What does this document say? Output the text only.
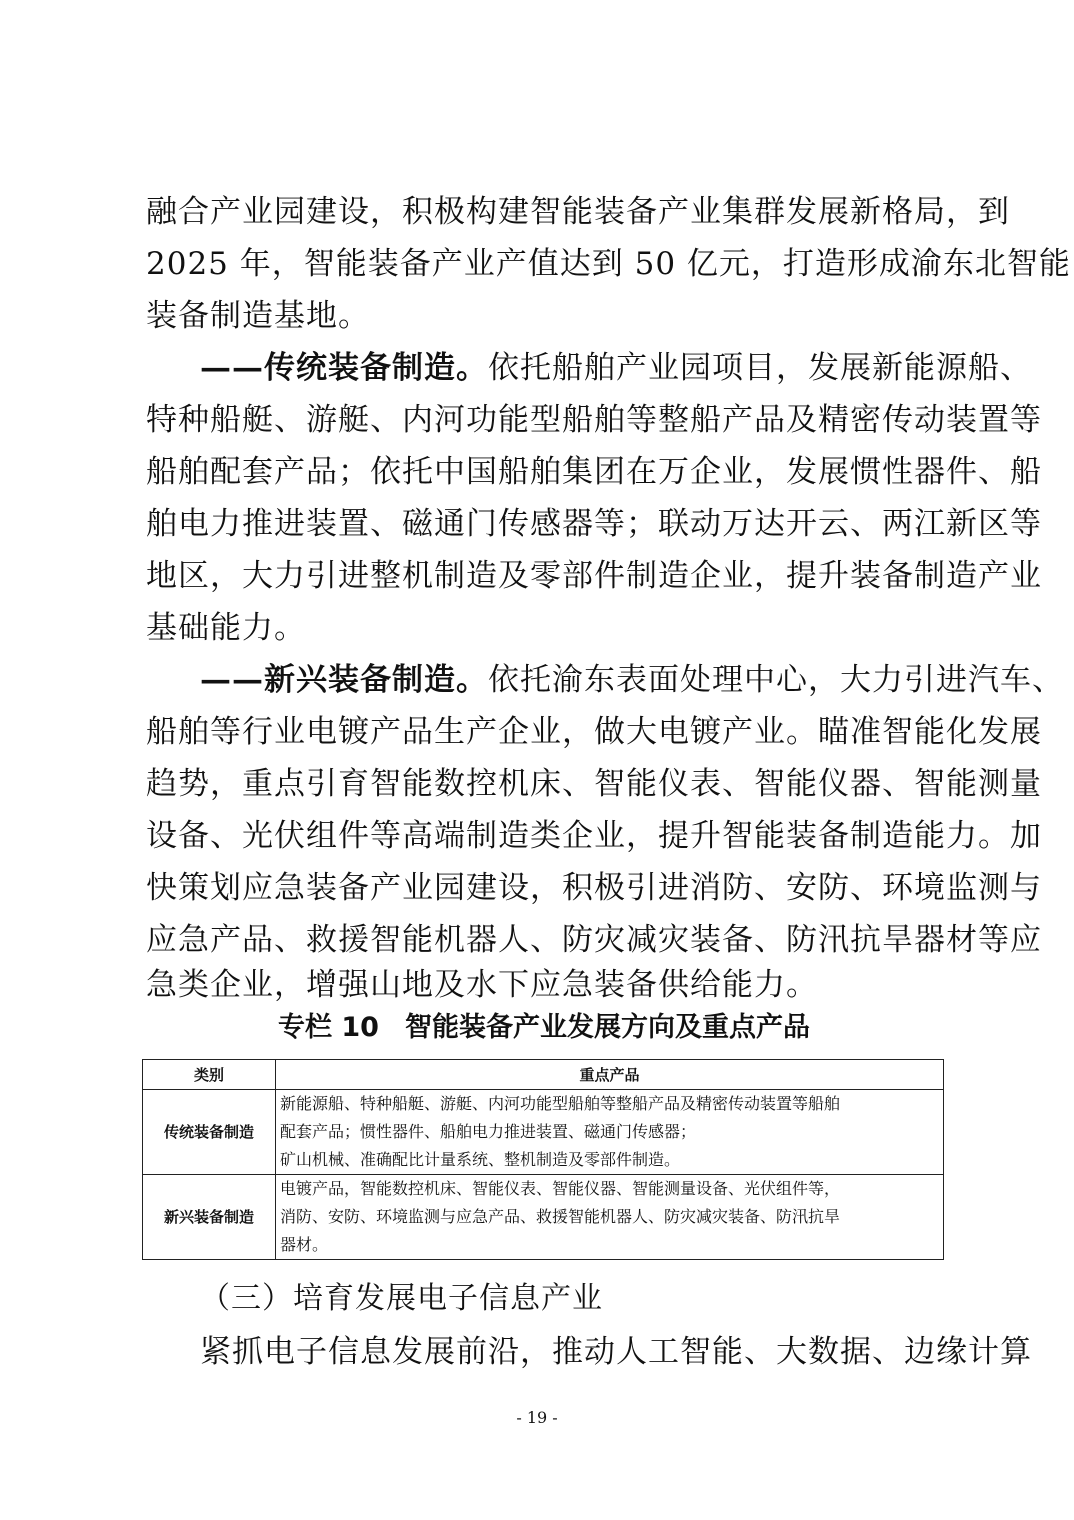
融合产业园建设，积极构建智能装备产业集群发展新格局，到
2025 年，智能装备产业产值达到 50 亿元，打造形成渝东北智能
装备制造基地。
——传统装备制造。依托船舶产业园项目，发展新能源船、
特种船艇、游艇、内河功能型船舶等整船产品及精密传动装置等
船舶配套产品；依托中国船舶集团在万企业，发展惯性器件、船
舶电力推进装置、磁通门传感器等；联动万达开云、两江新区等
地区，大力引进整机制造及零部件制造企业，提升装备制造产业
基础能力。
——新兴装备制造。依托渝东表面处理中心，大力引进汽车、
船舶等行业电镀产品生产企业，做大电镀产业。瞄准智能化发展
趋势，重点引育智能数控机床、智能仪表、智能仪器、智能测量
设备、光伏组件等高端制造类企业，提升智能装备制造能力。加
快策划应急装备产业园建设，积极引进消防、安防、环境监测与
应急产品、救援智能机器人、防灾减灾装备、防汛抗旱器材等应
急类企业，增强山地及水下应急装备供给能力。
专栏 10 智能装备产业发展方向及重点产品
类别	重点产品
传统装备制造	新能源船、特种船艇、游艇、内河功能型船舶等整船产品及精密传动装置等船舶
配套产品；惯性器件、船舶电力推进装置、磁通门传感器；
矿山机械、准确配比计量系统、整机制造及零部件制造。

新兴装备制造	电镀产品，智能数控机床、智能仪表、智能仪器、智能测量设备、光伏组件等，
消防、安防、环境监测与应急产品、救援智能机器人、防灾减灾装备、防汛抗旱
器材。
（三）培育发展电子信息产业
紧抓电子信息发展前沿，推动人工智能、大数据、边缘计算
- 19 -
